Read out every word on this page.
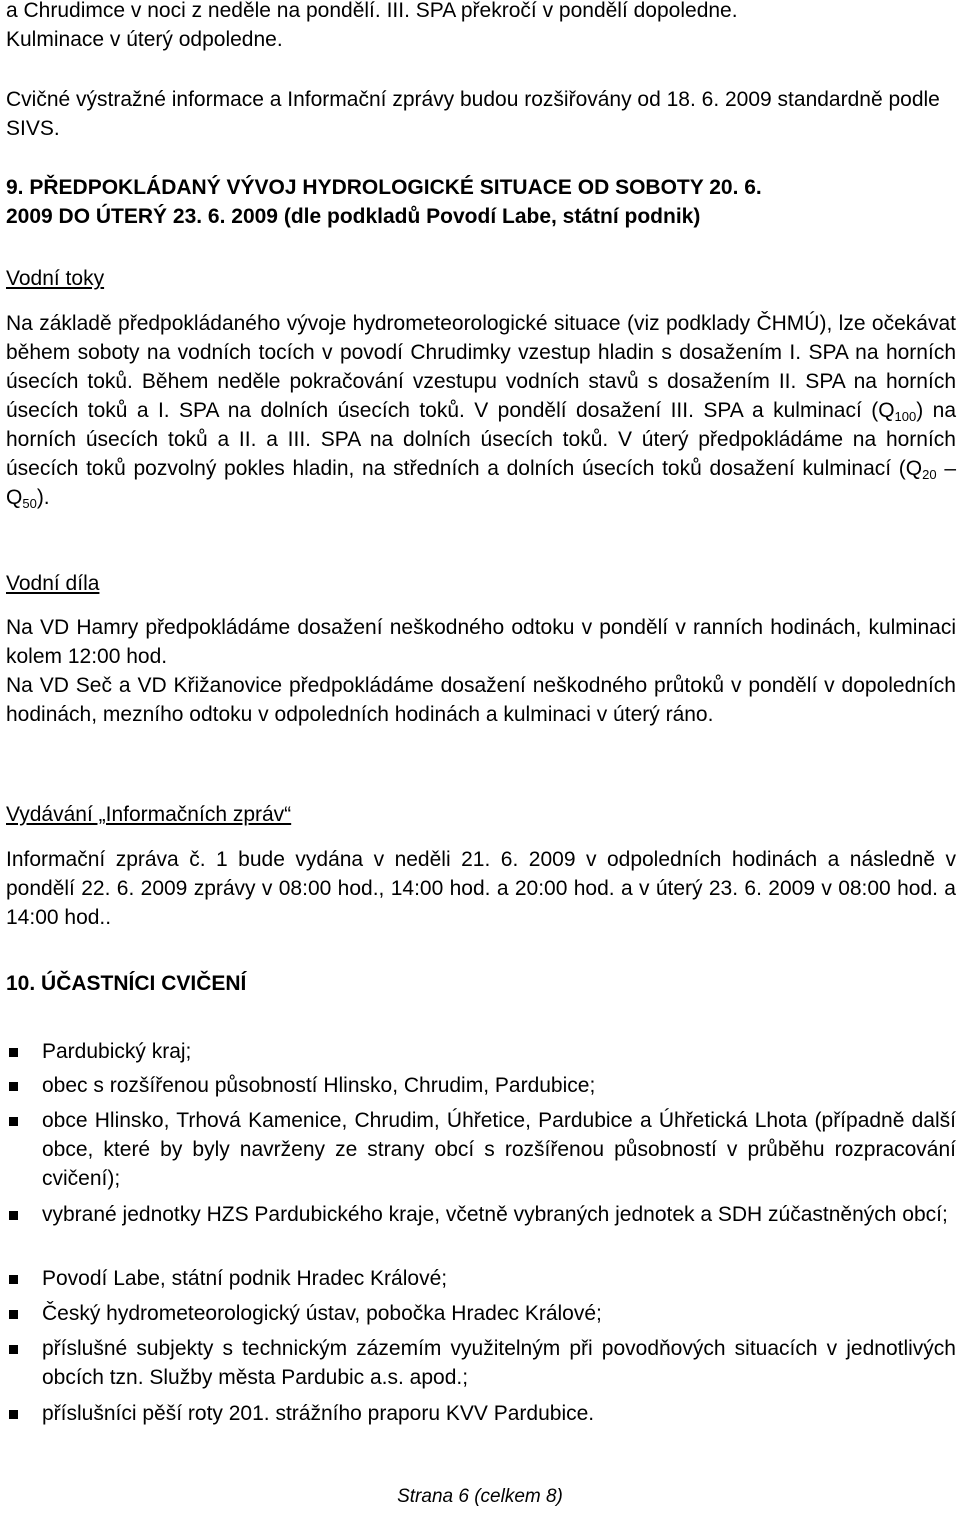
a Chrudimce v noci z neděle na pondělí. III. SPA překročí v pondělí dopoledne.
Kulminace v úterý odpoledne.

Cvičné výstražné informace a Informační zprávy budou rozšiřovány od 18. 6. 2009 standardně podle SIVS.

9. PŘEDPOKLÁDANÝ VÝVOJ HYDROLOGICKÉ SITUACE OD SOBOTY 20. 6.
2009 DO ÚTERÝ 23. 6. 2009 (dle podkladů Povodí Labe, státní podnik)

Vodní toky

Na základě předpokládaného vývoje hydrometeorologické situace (viz podklady ČHMÚ), lze očekávat během soboty na vodních tocích v povodí Chrudimky vzestup hladin s dosažením I. SPA na horních úsecích toků. Během neděle pokračování vzestupu vodních stavů s dosažením II. SPA na horních úsecích toků a I. SPA na dolních úsecích toků. V pondělí dosažení III. SPA a kulminací $(Q_{100})$ na horních úsecích toků a II. a III. SPA na dolních úsecích toků. V úterý předpokládáme na horních úsecích toků pozvolný pokles hladin, na středních a dolních úsecích toků dosažení kulminací $(Q_{20} - Q_{50})$.

Vodní díla

Na VD Hamry předpokládáme dosažení neškodného odtoku v pondělí v ranních hodinách, kulminaci kolem 12:00 hod.

Na VD Seč a VD Křižanovice předpokládáme dosažení neškodného průtoků v pondělí v dopoledních hodinách, mezního odtoku v odpoledních hodinách a kulminaci v úterý ráno.

Vydávání „Informačních zpráv“

Informační zpráva č. 1 bude vydána v neděli 21. 6. 2009 v odpoledních hodinách a následně v pondělí 22. 6. 2009 zprávy v 08:00 hod., 14:00 hod. a 20:00 hod. a v úterý 23. 6. 2009 v 08:00 hod. a 14:00 hod..

10. ÚČASTNÍCI CVIČENÍ

Pardubický kraj;
obec s rozšířenou působností Hlinsko, Chrudim, Pardubice;
obce Hlinsko, Trhová Kamenice, Chrudim, Úhřetice, Pardubice a Úhřetická Lhota (případně další obce, které by byly navrženy ze strany obcí s rozšířenou působností v průběhu rozpracování cvičení);
vybrané jednotky HZS Pardubického kraje, včetně vybraných jednotek a SDH zúčastněných obcí;
Povodí Labe, státní podnik Hradec Králové;
Český hydrometeorologický ústav, pobočka Hradec Králové;
příslušné subjekty s technickým zázemím využitelným při povodňových situacích v jednotlivých obcích tzn. Služby města Pardubic a.s. apod.;
příslušníci pěší roty 201. strážního praporu KVV Pardubice.
Strana 6 (celkem 8)
